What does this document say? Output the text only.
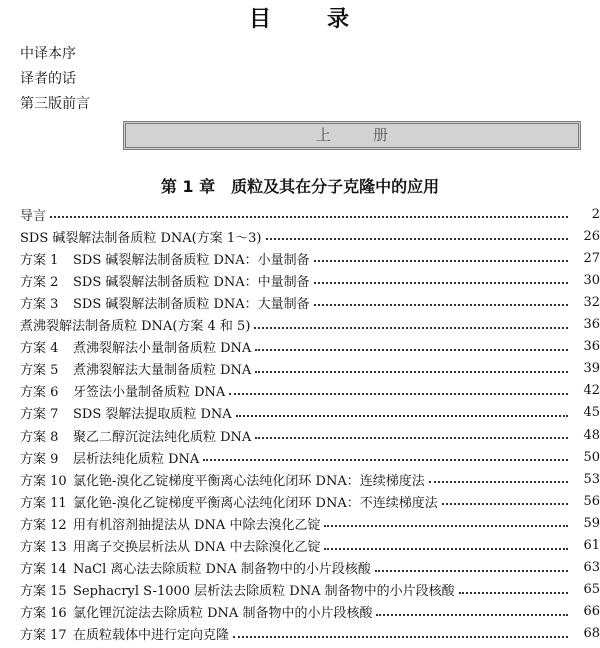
目 录
中译本序
译者的话
第三版前言
上	册
第 1 章 质粒及其在分子克隆中的应用
导言	2
SDS 碱裂解法制备质粒 DNA(方案 1～3)	26
方案 1	SDS 碱裂解法制备质粒 DNA：小量制备	27
方案 2	SDS 碱裂解法制备质粒 DNA：中量制备	30
方案 3	SDS 碱裂解法制备质粒 DNA：大量制备	32
煮沸裂解法制备质粒 DNA(方案 4 和 5)	36
方案 4	煮沸裂解法小量制备质粒 DNA	36
方案 5	煮沸裂解法大量制备质粒 DNA	39
方案 6	牙签法小量制备质粒 DNA	42
方案 7	SDS 裂解法提取质粒 DNA	45
方案 8	聚乙二醇沉淀法纯化质粒 DNA	48
方案 9	层析法纯化质粒 DNA	50
方案 10 氯化铯-溴化乙锭梯度平衡离心法纯化闭环 DNA：连续梯度法	53
方案 11 氯化铯-溴化乙锭梯度平衡离心法纯化闭环 DNA：不连续梯度法	56
方案 12 用有机溶剂抽提法从 DNA 中除去溴化乙锭	59
方案 13 用离子交换层析法从 DNA 中去除溴化乙锭	61
方案 14 NaCl 离心法去除质粒 DNA 制备物中的小片段核酸	63
方案 15 Sephacryl S-1000 层析法去除质粒 DNA 制备物中的小片段核酸	65
方案 16 氯化锂沉淀法去除质粒 DNA 制备物中的小片段核酸	66
方案 17 在质粒载体中进行定向克隆	68
